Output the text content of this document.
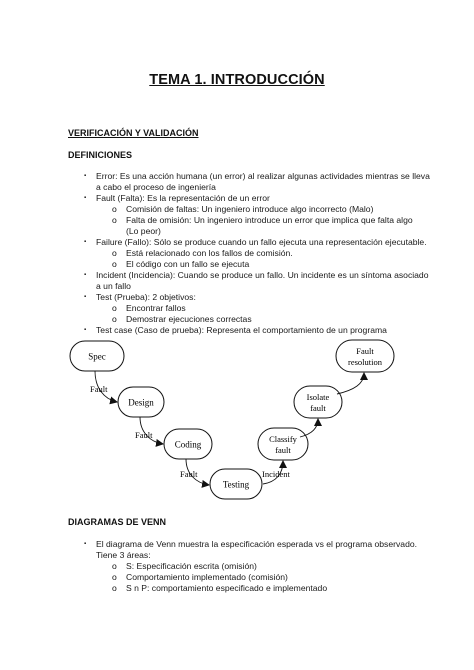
TEMA 1. INTRODUCCIÓN
VERIFICACIÓN Y VALIDACIÓN
DEFINICIONES
▪ Error: Es una acción humana (un error) al realizar algunas actividades mientras se lleva
a cabo el proceso de ingeniería
▪ Fault (Falta): Es la representación de un error
o Comisión de faltas: Un ingeniero introduce algo incorrecto (Malo)
o Falta de omisión: Un ingeniero introduce un error que implica que falta algo
(Lo peor)
▪ Failure (Fallo): Sólo se produce cuando un fallo ejecuta una representación ejecutable.
o Está relacionado con los fallos de comisión.
o El código con un fallo se ejecuta
▪ Incident (Incidencia): Cuando se produce un fallo. Un incidente es un síntoma asociado
a un fallo
▪ Test (Prueba): 2 objetivos:
o Encontrar fallos
o Demostrar ejecuciones correctas
▪ Test case (Caso de prueba): Representa el comportamiento de un programa
Spec
Design
Coding
Testing
Classify
fault
Isolate
fault
Fault
resolution
Fault
Fault
Fault	Incident
DIAGRAMAS DE VENN
▪ El diagrama de Venn muestra la especificación esperada vs el programa observado.
Tiene 3 áreas:
o S: Especificación escrita (omisión)
o Comportamiento implementado (comisión)
o S n P: comportamiento especificado e implementado
